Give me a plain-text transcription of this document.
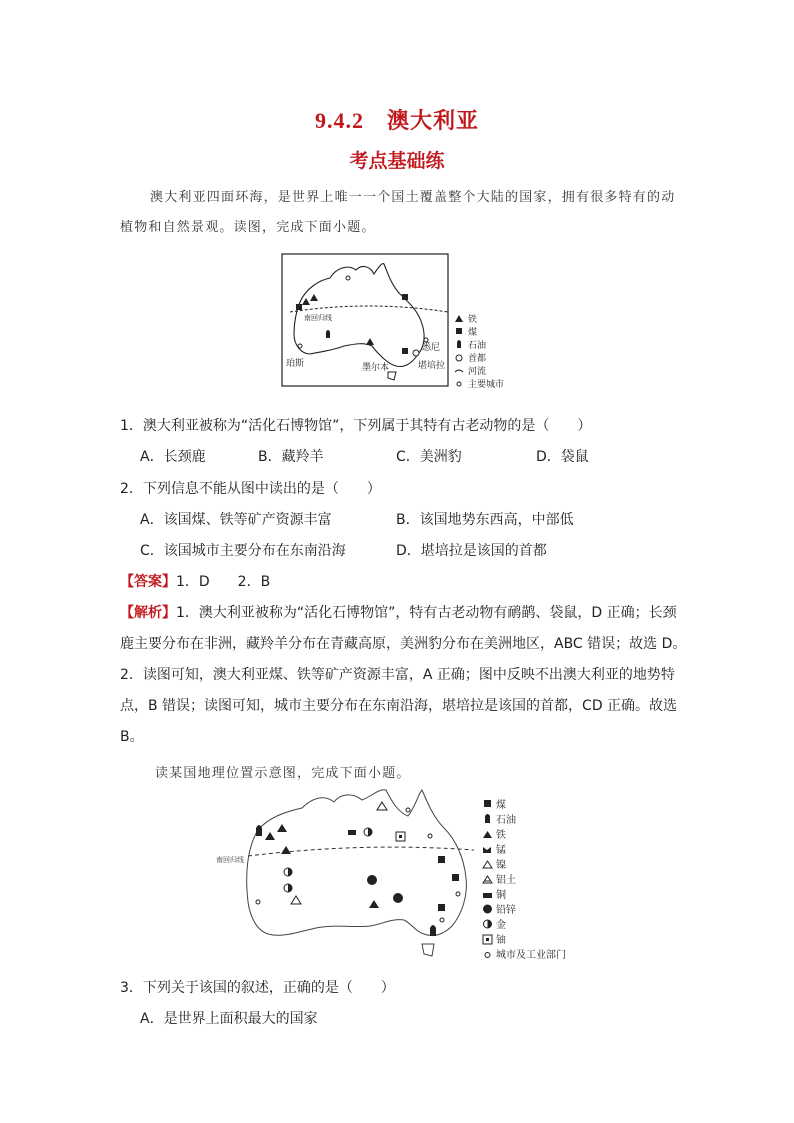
9.4.2　澳大利亚
考点基础练
澳大利亚四面环海，是世界上唯一一个国土覆盖整个大陆的国家，拥有很多特有的动
植物和自然景观。读图，完成下面小题。
南回归线
珀斯
悉尼
墨尔本	堪培拉
铁
煤
石油
首都
河流
主要城市
1．澳大利亚被称为“活化石博物馆”，下列属于其特有古老动物的是（　　）
A．长颈鹿	B．藏羚羊	C．美洲豹	D．袋鼠
2．下列信息不能从图中读出的是（　　）
A．该国煤、铁等矿产资源丰富	B．该国地势东西高，中部低
C．该国城市主要分布在东南沿海	D．堪培拉是该国的首都
【答案】1．D　　2．B
【解析】1．澳大利亚被称为“活化石博物馆”，特有古老动物有鸸鹋、袋鼠，D 正确；长颈
鹿主要分布在非洲，藏羚羊分布在青藏高原，美洲豹分布在美洲地区，ABC 错误；故选 D。
2．读图可知，澳大利亚煤、铁等矿产资源丰富，A 正确；图中反映不出澳大利亚的地势特
点，B 错误；读图可知，城市主要分布在东南沿海，堪培拉是该国的首都，CD 正确。故选
B。
读某国地理位置示意图，完成下面小题。
南回归线
煤
石油
铁
锰
镍
铝土
铜
铅锌
金
铀
城市及工业部门
3．下列关于该国的叙述，正确的是（　　）
A．是世界上面积最大的国家
